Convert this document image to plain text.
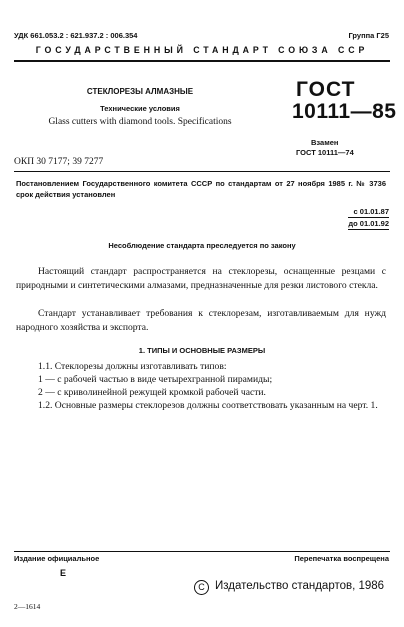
УДК 661.053.2 : 621.937.2 : 006.354	Группа Г25
ГОСУДАРСТВЕННЫЙ СТАНДАРТ СОЮЗА ССР
СТЕКЛОРЕЗЫ АЛМАЗНЫЕ
Технические условия
Glass cutters with diamond tools. Specifications
ГОСТ
10111—85
Взамен
ГОСТ 10111—74
ОКП 30 7177; 39 7277
Постановлением Государственного комитета СССР по стандартам от 27 ноября 1985 г. № 3736 срок действия установлен
с 01.01.87
до 01.01.92
Несоблюдение стандарта преследуется по закону
Настоящий стандарт распространяется на стеклорезы, оснащенные резцами с природными и синтетическими алмазами, предназначенные для резки листового стекла.
Стандарт устанавливает требования к стеклорезам, изготавливаемым для нужд народного хозяйства и экспорта.
1. ТИПЫ И ОСНОВНЫЕ РАЗМЕРЫ
1.1. Стеклорезы должны изготавливать типов:
1 — с рабочей частью в виде четырехгранной пирамиды;
2 — с криволинейной режущей кромкой рабочей части.
1.2. Основные размеры стеклорезов должны соответствовать указанным на черт. 1.
Издание официальное	Перепечатка воспрещена
Е
C Издательство стандартов, 1986
2—1614
